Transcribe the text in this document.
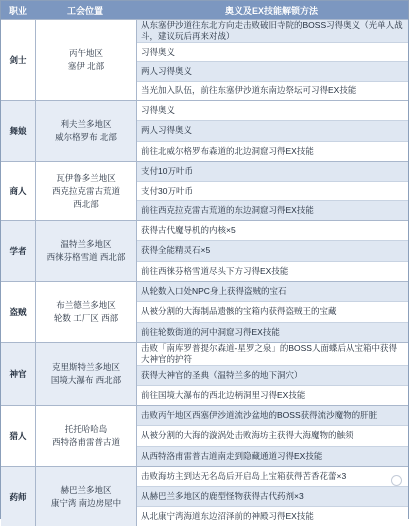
职业	工会位置	奥义及EX技能解锁方法
剑士
丙午地区
塞伊 北部
从东塞伊沙道往东北方向走击败破旧寺院的BOSS习得奥义（光单人战斗，建议玩后再来对战）
习得奥义
两人习得奥义
当光加入队伍，前往东塞伊沙道东南边祭坛可习得EX技能
舞娘
利夫兰多地区
威尔格罗布 北部
习得奥义
两人习得奥义
前往北威尔格罗布森道的北边洞窟习得EX技能
商人
瓦伊鲁多兰地区
西克拉克雷古荒道
西北部
支付10万叶币
支付30万叶币
前往西克拉克雷古荒道的东边洞窟习得EX技能
学者
温特兰多地区
西徕芬格雪道 西北部
获得古代魔导机的内核×5
获得全能精灵石×5
前往西徕芬格雪道尽头下方习得EX技能
盗贼
布兰德兰多地区
轮数 工厂区 西部
从轮数入口处NPC身上获得盗贼的宝石
从被分割的大海制品遗骸的宝箱内获得盗贼王的宝藏
前往轮数街道的河中洞窟习得EX技能
神官
克里斯特兰多地区
国境大瀑布 西北部
击败「南库罗普提尔森道-星罗之泉」的BOSS人面蝶后从宝箱中获得大神官的护符
获得大神官的圣典（温特兰多的地下洞穴）
前往国境大瀑布的西北边柄洞里习得EX技能
猎人
托托哈哈岛
西特洛甫雷普古道
击败丙午地区西塞伊沙道流沙盆地的BOSS获得流沙魔物的肝脏
从被分割的大海的漩涡处击败海坊主获得大海魔物的触须
从西特洛甫雷普古道南走到隐藏通道习得EX技能
药师
赫巴兰多地区
康宁湾 南边房屋中
击败海坊主到达无名岛后开启岛上宝箱获得苦香花蕾×3
从赫巴兰多地区的鹿型怪物获得古代药剂×3
从北康宁湾海道东边沼泽前的神殿习得EX技能
